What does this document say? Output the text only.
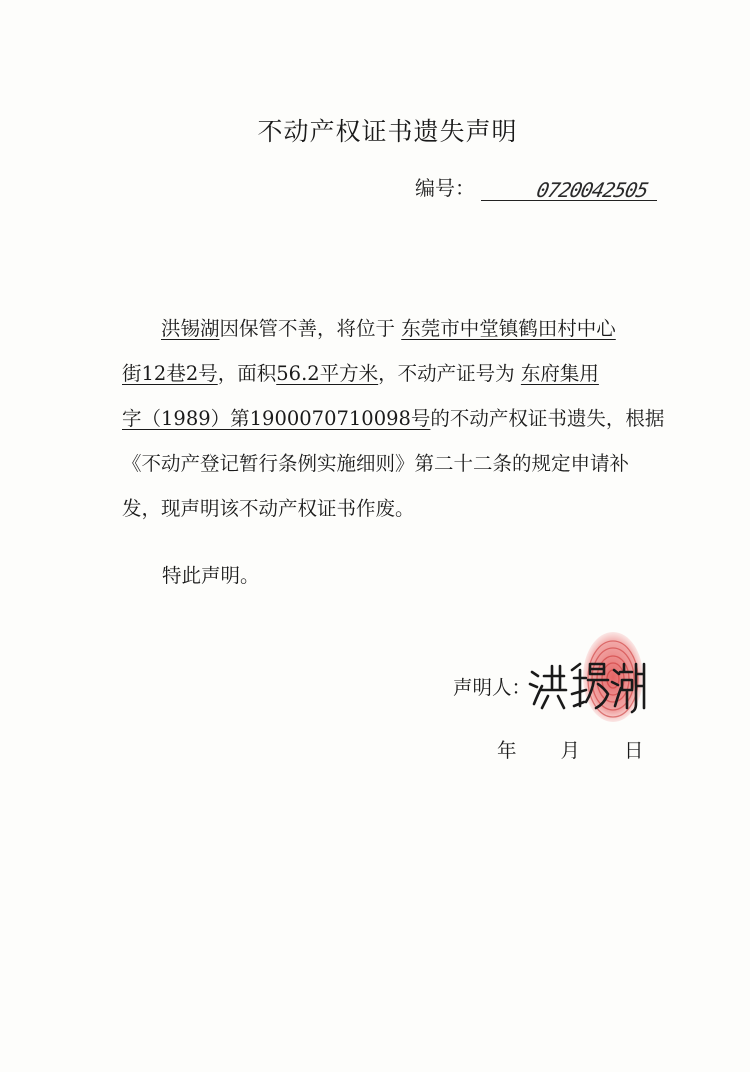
不动产权证书遗失声明
编号：	0720042505

洪锡湖因保管不善，将位于 东莞市中堂镇鹤田村中心

街12巷2号，面积56.2平方米，不动产证号为 东府集用

字（1989）第1900070710098号的不动产权证书遗失，根据

《不动产登记暂行条例实施细则》第二十二条的规定申请补

发，现声明该不动产权证书作废。

特此声明。
声明人：
年 月 日
